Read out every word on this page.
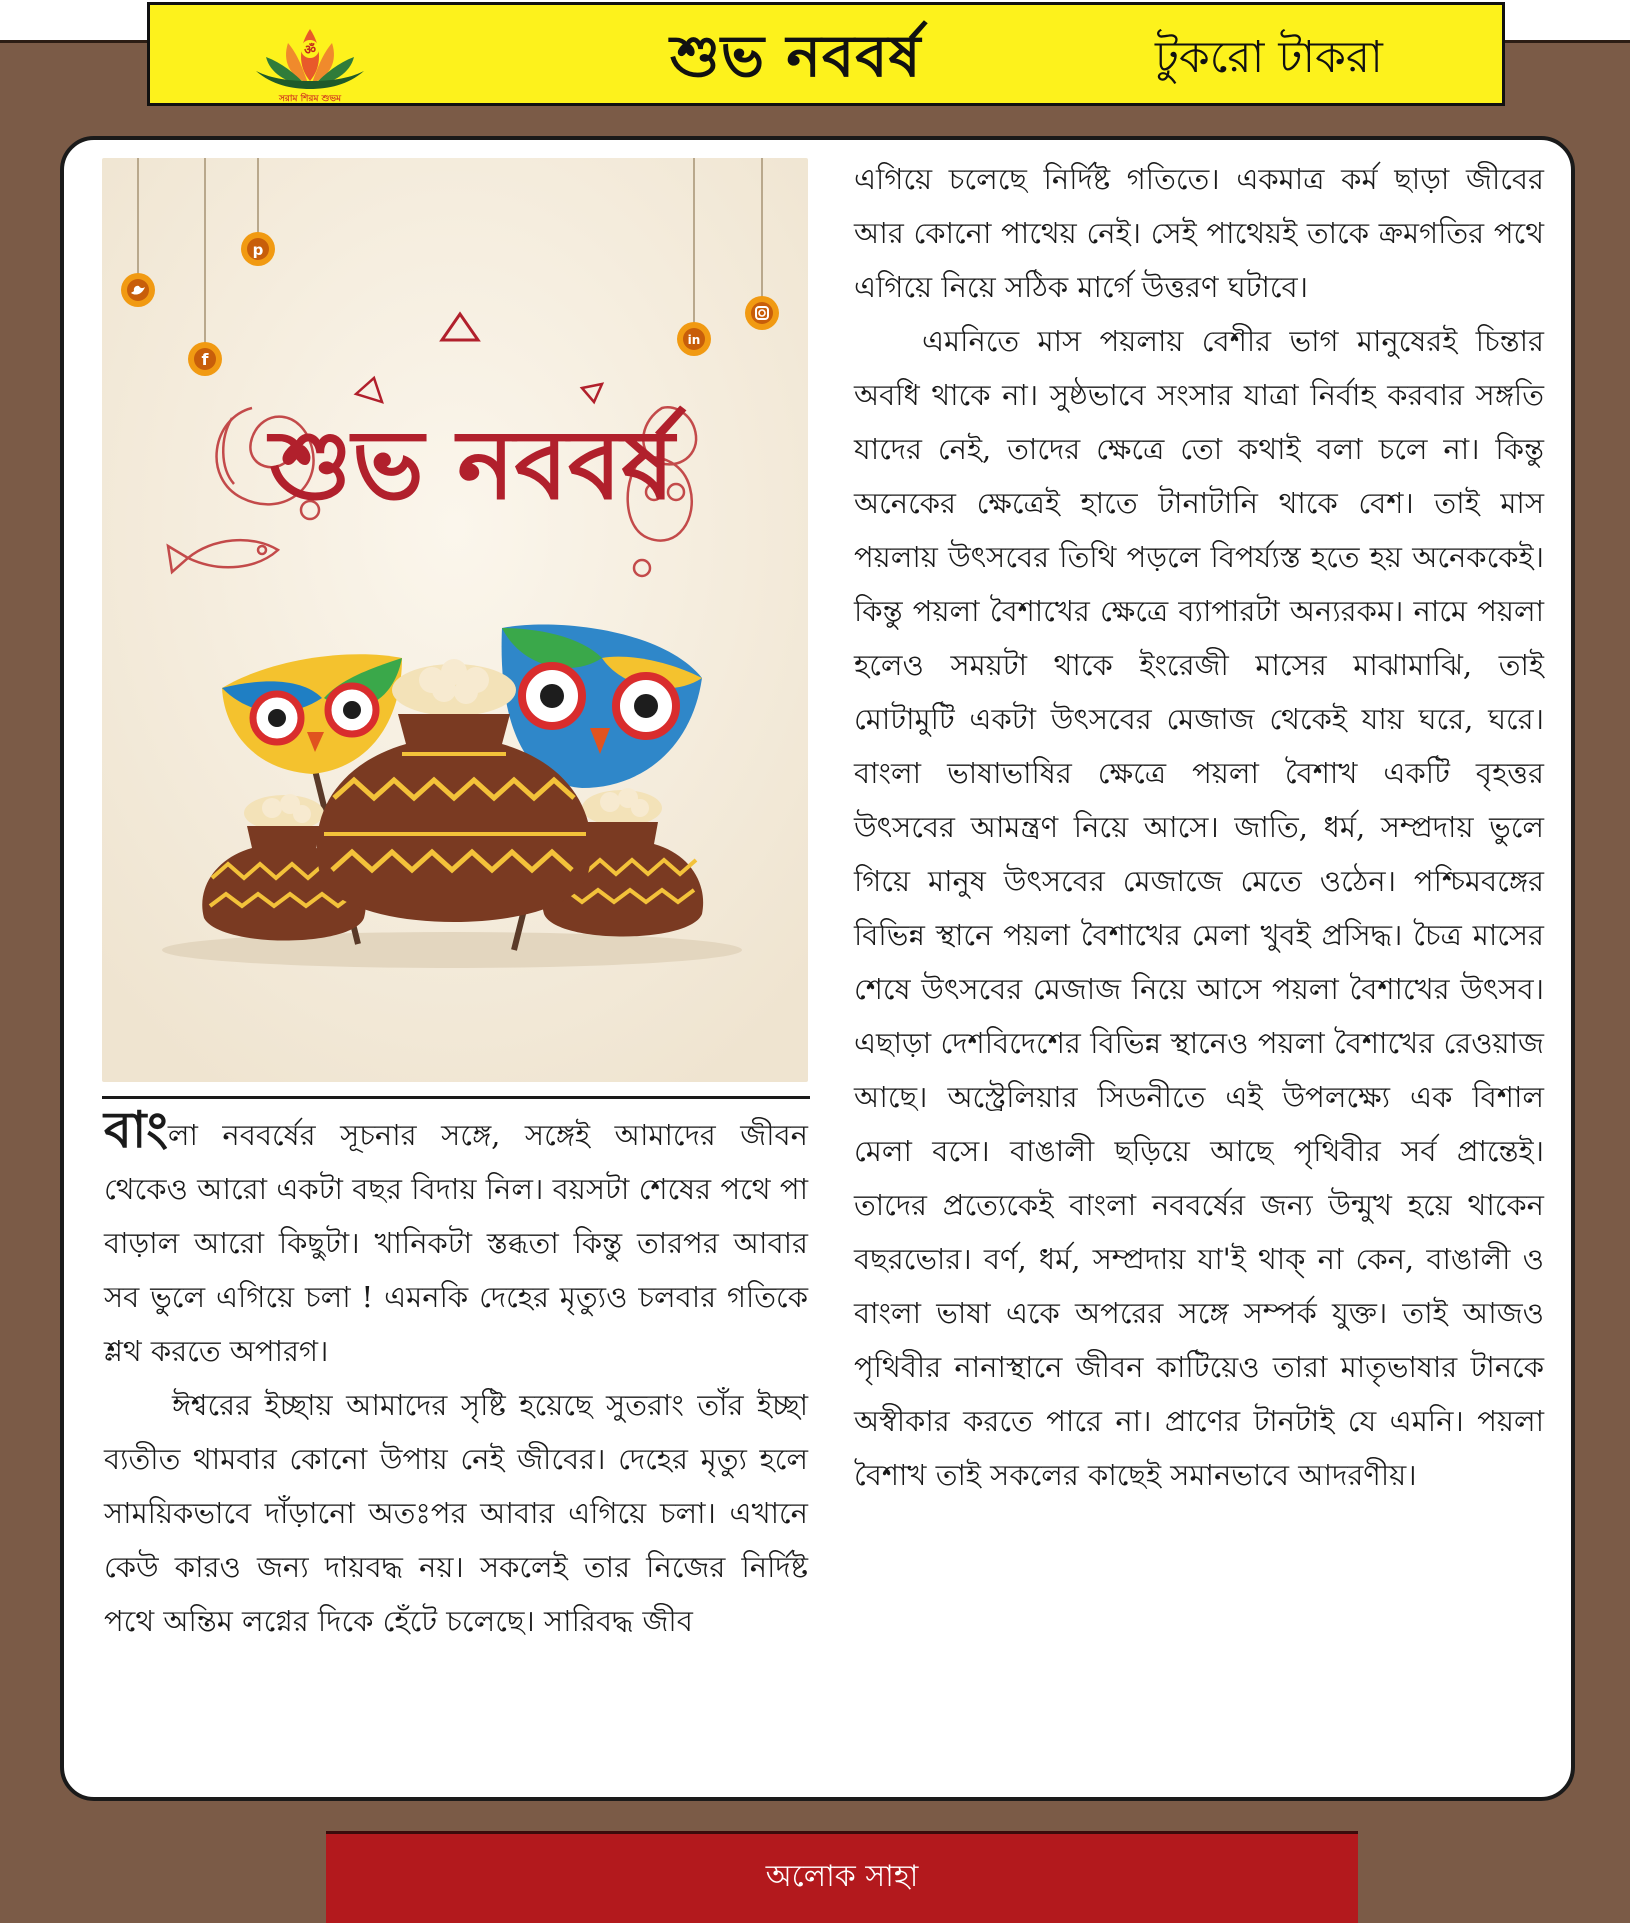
ॐ
সরাম শিরম শুভম
শুভ নববর্ষ	টুকরো টাকরা
f
p
in
শুভ নববর্ষ

বাংলা নববর্ষের সূচনার সঙ্গে, সঙ্গেই আমাদের জীবন থেকেও আরো একটা বছর বিদায় নিল। বয়সটা শেষের পথে পা বাড়াল আরো কিছুটা। খানিকটা স্তব্ধতা কিন্তু তারপর আবার সব ভুলে এগিয়ে চলা ! এমনকি দেহের মৃত্যুও চলবার গতিকে শ্লথ করতে অপারগ।

ঈশ্বরের ইচ্ছায় আমাদের সৃষ্টি হয়েছে সুতরাং তাঁর ইচ্ছা ব্যতীত থামবার কোনো উপায় নেই জীবের। দেহের মৃত্যু হলে সাময়িকভাবে দাঁড়ানো অতঃপর আবার এগিয়ে চলা। এখানে কেউ কারও জন্য দায়বদ্ধ নয়। সকলেই তার নিজের নির্দিষ্ট পথে অন্তিম লগ্নের দিকে হেঁটে চলেছে। সারিবদ্ধ জীব

এগিয়ে চলেছে নির্দিষ্ট গতিতে। একমাত্র কর্ম ছাড়া জীবের আর কোনো পাথেয় নেই। সেই পাথেয়ই তাকে ক্রমগতির পথে এগিয়ে নিয়ে সঠিক মার্গে উত্তরণ ঘটাবে।

এমনিতে মাস পয়লায় বেশীর ভাগ মানুষেরই চিন্তার অবধি থাকে না। সুষ্ঠভাবে সংসার যাত্রা নির্বাহ করবার সঙ্গতি যাদের নেই, তাদের ক্ষেত্রে তো কথাই বলা চলে না। কিন্তু অনেকের ক্ষেত্রেই হাতে টানাটানি থাকে বেশ। তাই মাস পয়লায় উৎসবের তিথি পড়লে বিপর্য্যস্ত হতে হয় অনেককেই। কিন্তু পয়লা বৈশাখের ক্ষেত্রে ব্যাপারটা অন্যরকম। নামে পয়লা হলেও সময়টা থাকে ইংরেজী মাসের মাঝামাঝি, তাই মোটামুটি একটা উৎসবের মেজাজ থেকেই যায় ঘরে, ঘরে। বাংলা ভাষাভাষির ক্ষেত্রে পয়লা বৈশাখ একটি বৃহত্তর উৎসবের আমন্ত্রণ নিয়ে আসে। জাতি, ধর্ম, সম্প্রদায় ভুলে গিয়ে মানুষ উৎসবের মেজাজে মেতে ওঠেন। পশ্চিমবঙ্গের বিভিন্ন স্থানে পয়লা বৈশাখের মেলা খুবই প্রসিদ্ধ। চৈত্র মাসের শেষে উৎসবের মেজাজ নিয়ে আসে পয়লা বৈশাখের উৎসব। এছাড়া দেশবিদেশের বিভিন্ন স্থানেও পয়লা বৈশাখের রেওয়াজ আছে। অস্ট্রেলিয়ার সিডনীতে এই উপলক্ষ্যে এক বিশাল মেলা বসে। বাঙালী ছড়িয়ে আছে পৃথিবীর সর্ব প্রান্তেই। তাদের প্রত্যেকেই বাংলা নববর্ষের জন্য উন্মুখ হয়ে থাকেন বছরভোর। বর্ণ, ধর্ম, সম্প্রদায় যা'ই থাক্ না কেন, বাঙালী ও বাংলা ভাষা একে অপরের সঙ্গে সম্পর্ক যুক্ত। তাই আজও পৃথিবীর নানাস্থানে জীবন কাটিয়েও তারা মাতৃভাষার টানকে অস্বীকার করতে পারে না। প্রাণের টানটাই যে এমনি। পয়লা বৈশাখ তাই সকলের কাছেই সমানভাবে আদরণীয়।

অলোক সাহা
